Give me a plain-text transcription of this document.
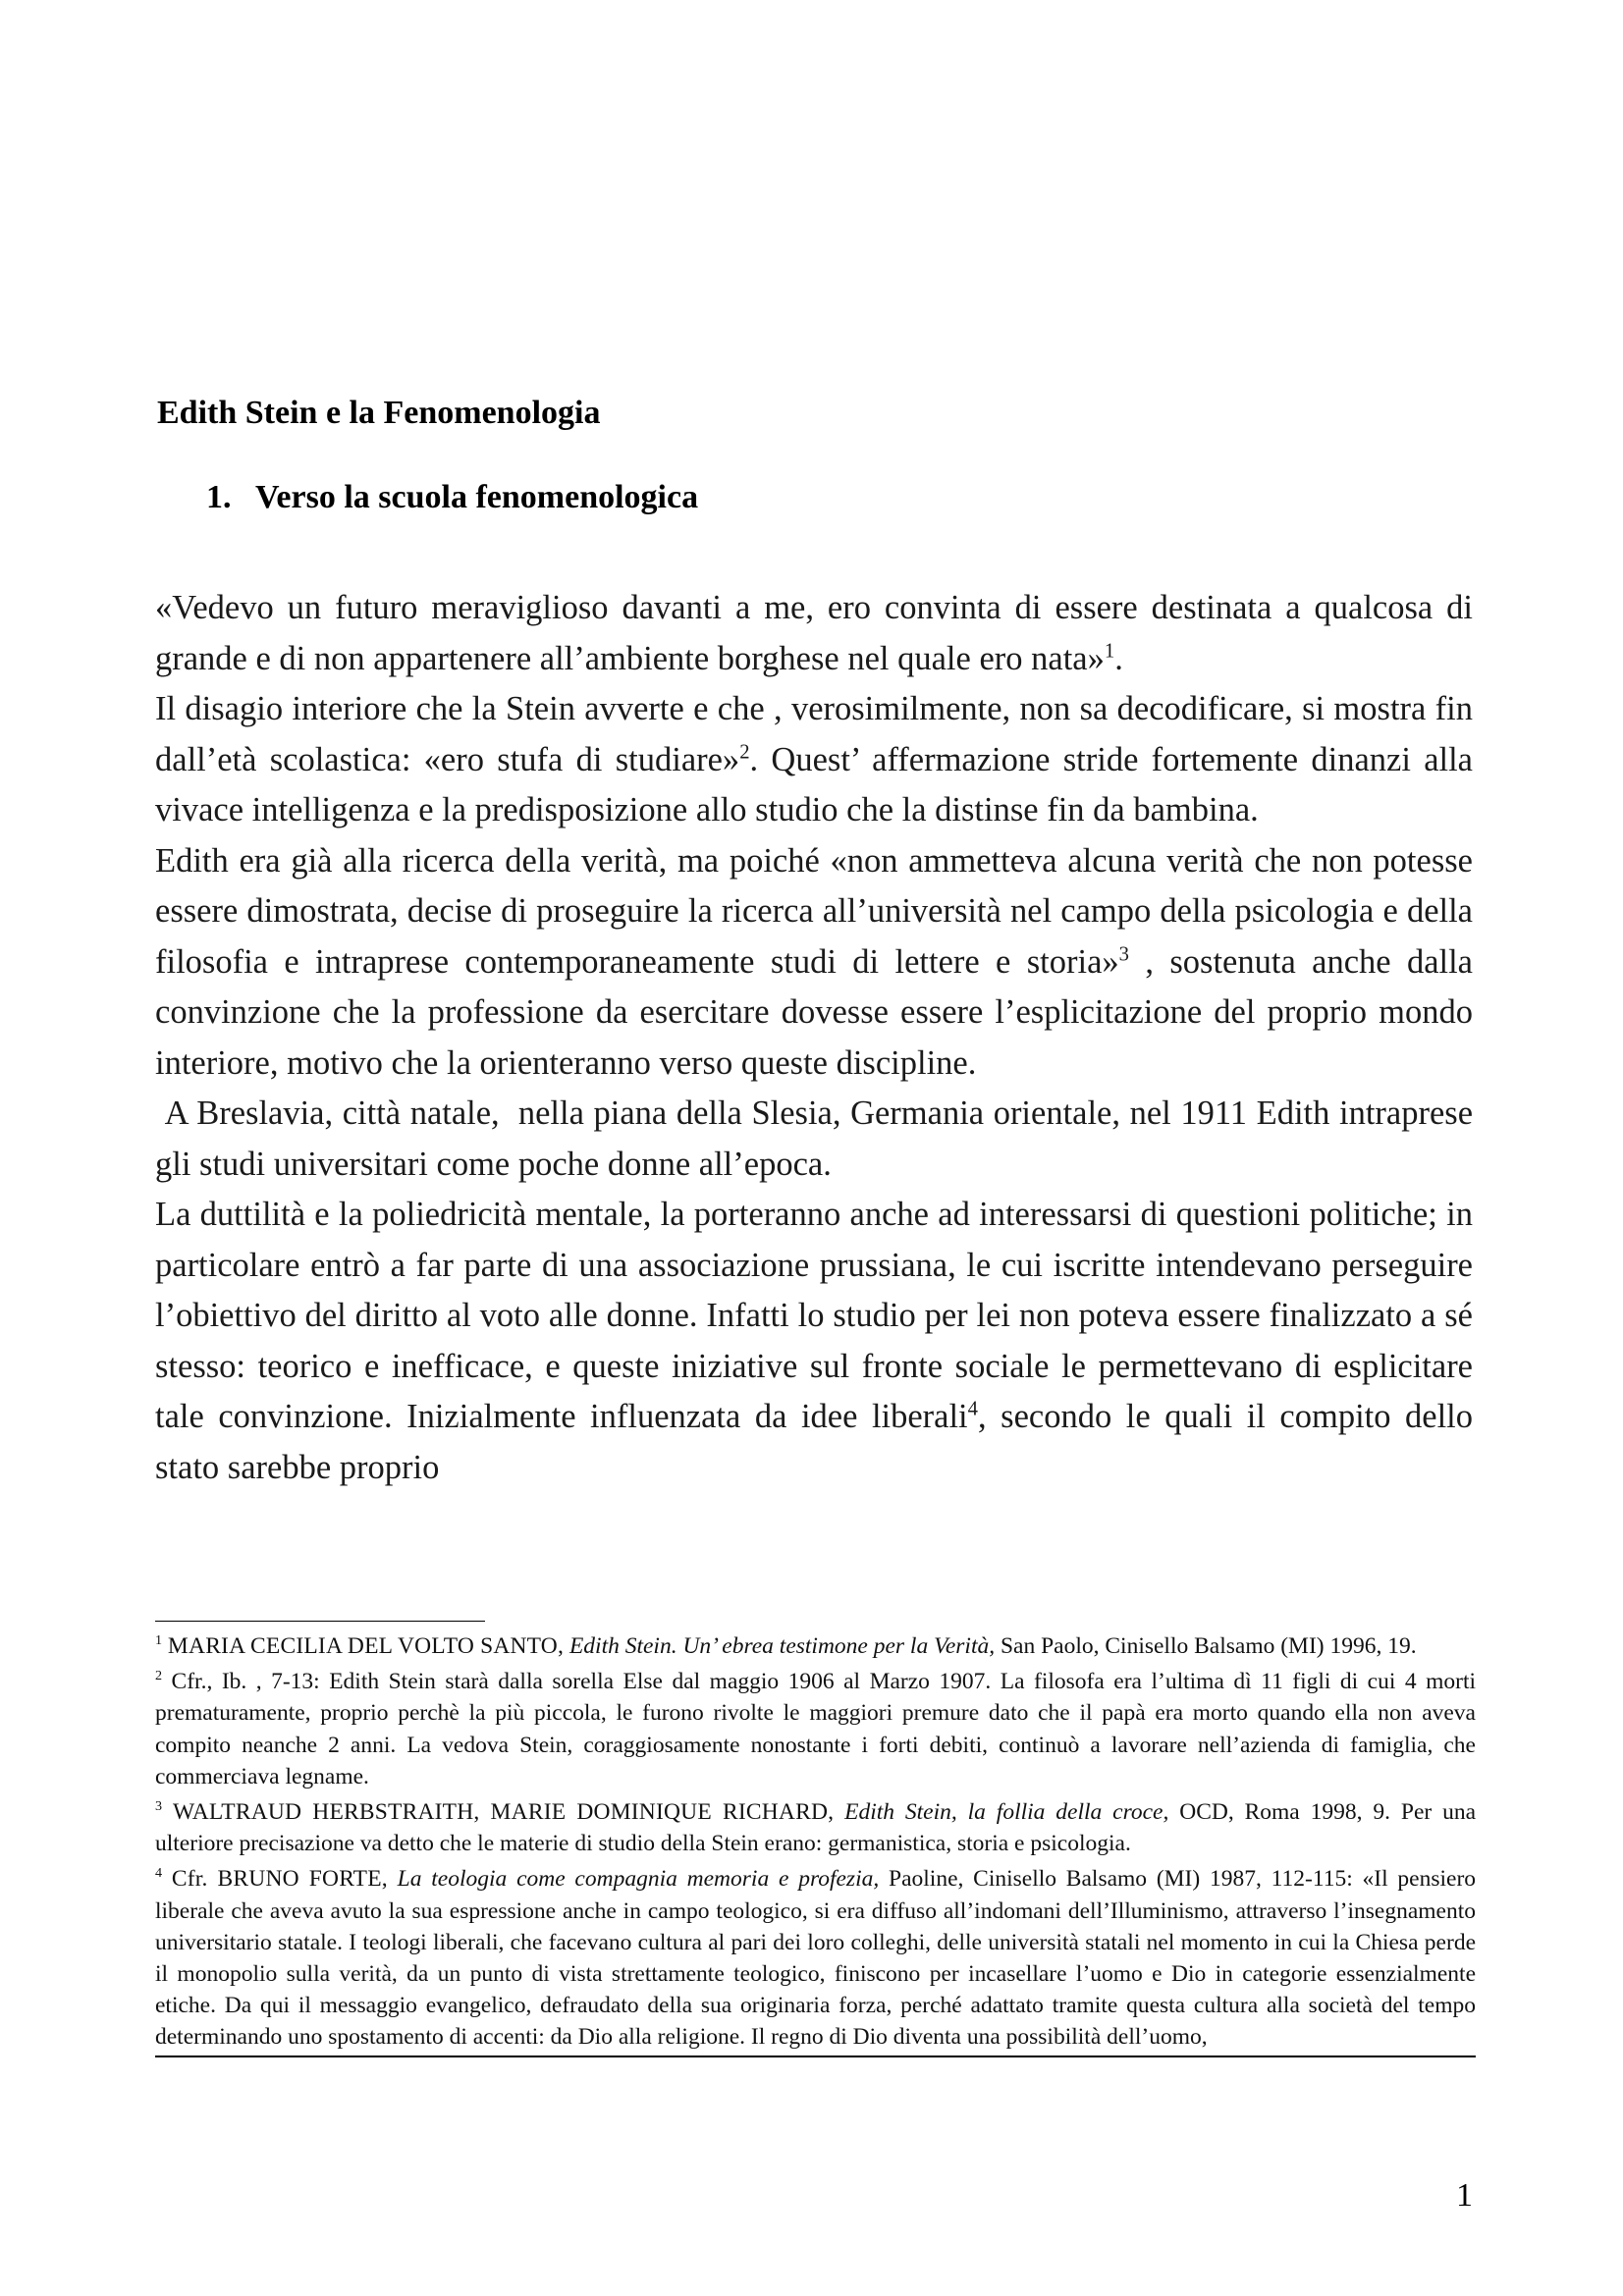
Edith Stein e la Fenomenologia
1. Verso la scuola fenomenologica

«Vedevo un futuro meraviglioso davanti a me, ero convinta di essere destinata a qualcosa di grande e di non appartenere all’ambiente borghese nel quale ero nata»$^1$.

Il disagio interiore che la Stein avverte e che , verosimilmente, non sa decodificare, si mostra fin dall’età scolastica: «ero stufa di studiare»$^2$. Quest’ affermazione stride fortemente dinanzi alla vivace intelligenza e la predisposizione allo studio che la distinse fin da bambina.

Edith era già alla ricerca della verità, ma poiché «non ammetteva alcuna verità che non potesse essere dimostrata, decise di proseguire la ricerca all’università nel campo della psicologia e della filosofia e intraprese contemporaneamente studi di lettere e storia»$^3$ , sostenuta anche dalla convinzione che la professione da esercitare dovesse essere l’esplicitazione del proprio mondo interiore, motivo che la orienteranno verso queste discipline.

A Breslavia, città natale,  nella piana della Slesia, Germania orientale, nel 1911 Edith intraprese gli studi universitari come poche donne all’epoca.

La duttilità e la poliedricità mentale, la porteranno anche ad interessarsi di questioni politiche; in particolare entrò a far parte di una associazione prussiana, le cui iscritte intendevano perseguire l’obiettivo del diritto al voto alle donne. Infatti lo studio per lei non poteva essere finalizzato a sé stesso: teorico e inefficace, e queste iniziative sul fronte sociale le permettevano di esplicitare tale convinzione. Inizialmente influenzata da idee liberali$^4$, secondo le quali il compito dello stato sarebbe proprio

$^1$ MARIA CECILIA DEL VOLTO SANTO, Edith Stein. Un’ ebrea testimone per la Verità, San Paolo, Cinisello Balsamo (MI) 1996, 19.

$^2$ Cfr., Ib. , 7-13: Edith Stein starà dalla sorella Else dal maggio 1906 al Marzo 1907. La filosofa era l’ultima dì 11 figli di cui 4 morti prematuramente, proprio perchè la più piccola, le furono rivolte le maggiori premure dato che il papà era morto quando ella non aveva compito neanche 2 anni. La vedova Stein, coraggiosamente nonostante i forti debiti, continuò a lavorare nell’azienda di famiglia, che commerciava legname.

$^3$ WALTRAUD HERBSTRAITH, MARIE DOMINIQUE RICHARD, Edith Stein, la follia della croce, OCD, Roma 1998, 9. Per una ulteriore precisazione va detto che le materie di studio della Stein erano: germanistica, storia e psicologia.

$^4$ Cfr. BRUNO FORTE, La teologia come compagnia memoria e profezia, Paoline, Cinisello Balsamo (MI) 1987, 112-115: «Il pensiero liberale che aveva avuto la sua espressione anche in campo teologico, si era diffuso all’indomani dell’Illuminismo, attraverso l’insegnamento universitario statale. I teologi liberali, che facevano cultura al pari dei loro colleghi, delle università statali nel momento in cui la Chiesa perde il monopolio sulla verità, da un punto di vista strettamente teologico, finiscono per incasellare l’uomo e Dio in categorie essenzialmente etiche. Da qui il messaggio evangelico, defraudato della sua originaria forza, perché adattato tramite questa cultura alla società del tempo determinando uno spostamento di accenti: da Dio alla religione. Il regno di Dio diventa una possibilità dell’uomo,

1
